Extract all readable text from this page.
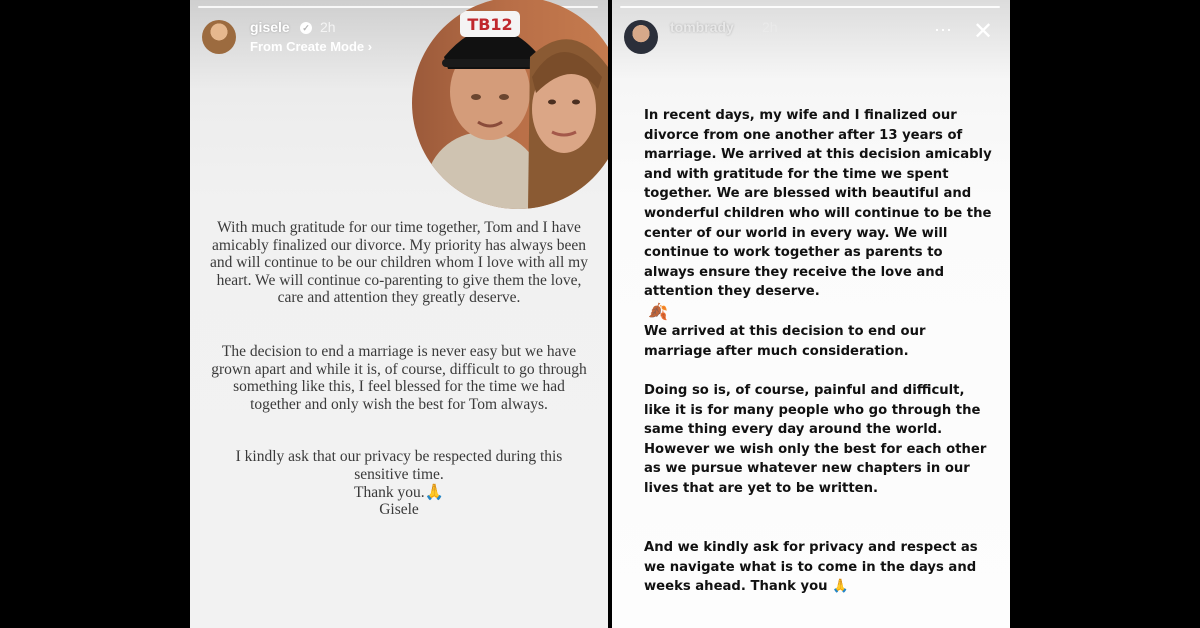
gisele ✓ 2h
From Create Mode ›
TB12

With much gratitude for our time together, Tom and I have amicably finalized our divorce. My priority has always been and will continue to be our children whom I love with all my heart. We will continue co-parenting to give them the love, care and attention they greatly deserve.

The decision to end a marriage is never easy but we have grown apart and while it is, of course, difficult to go through something like this, I feel blessed for the time we had together and only wish the best for Tom always.

I kindly ask that our privacy be respected during this sensitive time.

Thank you.🙏

Gisele

tombrady 2h	⋯ ✕

In recent days, my wife and I finalized our divorce from one another after 13 years of marriage. We arrived at this decision amicably and with gratitude for the time we spent together. We are blessed with beautiful and wonderful children who will continue to be the center of our world in every way. We will continue to work together as parents to always ensure they receive the love and attention they deserve.

🍂

We arrived at this decision to end our marriage after much consideration.

Doing so is, of course, painful and difficult, like it is for many people who go through the same thing every day around the world. However we wish only the best for each other as we pursue whatever new chapters in our lives that are yet to be written.

And we kindly ask for privacy and respect as we navigate what is to come in the days and weeks ahead. Thank you 🙏
